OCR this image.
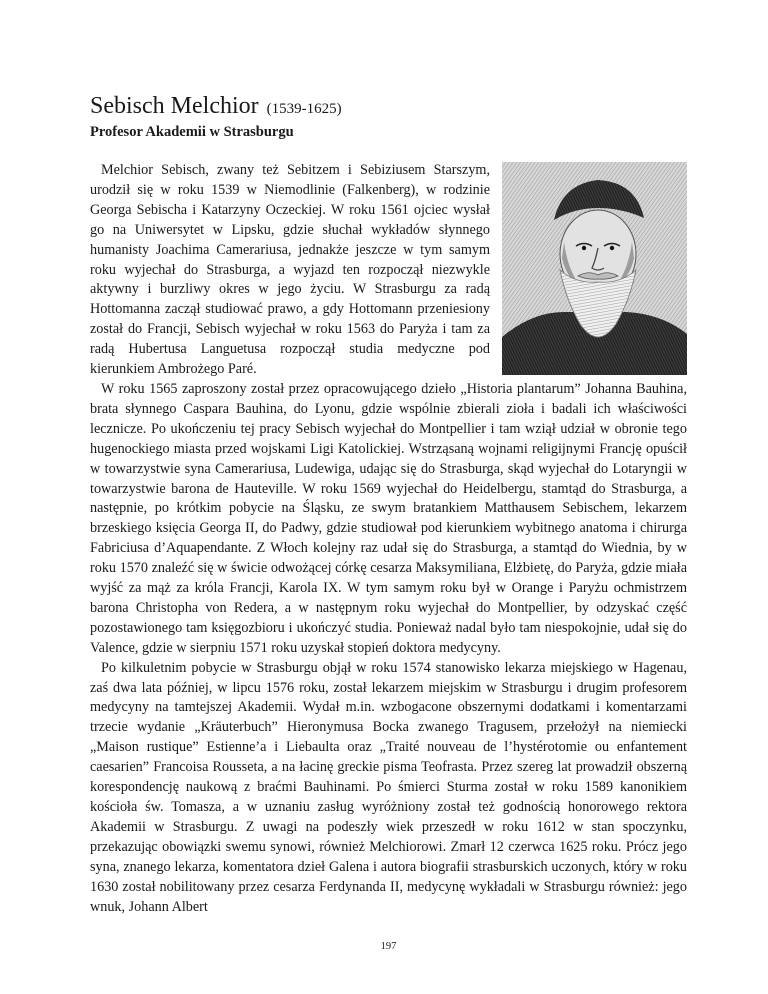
Sebisch Melchior (1539-1625)
Profesor Akademii w Strasburgu

Melchior Sebisch, zwany też Sebitzem i Sebiziusem Starszym, urodził się w roku 1539 w Niemodlinie (Falkenberg), w rodzinie Georga Sebischa i Katarzyny Oczeckiej. W roku 1561 ojciec wysłał go na Uniwersytet w Lipsku, gdzie słuchał wykładów słynnego humanisty Joachima Camerariusa, jednakże jeszcze w tym samym roku wyjechał do Strasburga, a wyjazd ten rozpoczął niezwykle aktywny i burzliwy okres w jego życiu. W Strasburgu za radą Hottomanna zaczął studiować prawo, a gdy Hottomann przeniesiony został do Francji, Sebisch wyjechał w roku 1563 do Paryża i tam za radą Hubertusa Languetusa rozpoczął studia medyczne pod kierunkiem Ambrożego Paré.

W roku 1565 zaproszony został przez opracowującego dzieło „Historia plantarum” Johanna Bauhina, brata słynnego Caspara Bauhina, do Lyonu, gdzie wspólnie zbierali zioła i badali ich właściwości lecznicze. Po ukończeniu tej pracy Sebisch wyjechał do Montpellier i tam wziął udział w obronie tego hugenockiego miasta przed wojskami Ligi Katolickiej. Wstrząsaną wojnami religijnymi Francję opuścił w towarzystwie syna Camerariusa, Ludewiga, udając się do Strasburga, skąd wyjechał do Lotaryngii w towarzystwie barona de Hauteville. W roku 1569 wyjechał do Heidelbergu, stamtąd do Strasburga, a następnie, po krótkim pobycie na Śląsku, ze swym bratankiem Matthausem Sebischem, lekarzem brzeskiego księcia Georga II, do Padwy, gdzie studiował pod kierunkiem wybitnego anatoma i chirurga Fabriciusa d’Aquapendante. Z Włoch kolejny raz udał się do Strasburga, a stamtąd do Wiednia, by w roku 1570 znaleźć się w świcie odwożącej córkę cesarza Maksymiliana, Elżbietę, do Paryża, gdzie miała wyjść za mąż za króla Francji, Karola IX. W tym samym roku był w Orange i Paryżu ochmistrzem barona Christopha von Redera, a w następnym roku wyjechał do Montpellier, by odzyskać część pozostawionego tam księgozbioru i ukończyć studia. Ponieważ nadal było tam niespokojnie, udał się do Valence, gdzie w sierpniu 1571 roku uzyskał stopień doktora medycyny.

Po kilkuletnim pobycie w Strasburgu objął w roku 1574 stanowisko lekarza miejskiego w Hagenau, zaś dwa lata później, w lipcu 1576 roku, został lekarzem miejskim w Strasburgu i drugim profesorem medycyny na tamtejszej Akademii. Wydał m.in. wzbogacone obszernymi dodatkami i komentarzami trzecie wydanie „Kräuterbuch” Hieronymusa Bocka zwanego Tragusem, przełożył na niemiecki „Maison rustique” Estienne’a i Liebaulta oraz „Traité nouveau de l’hystérotomie ou enfantement caesarien” Francoisa Rousseta, a na łacinę greckie pisma Teofrasta. Przez szereg lat prowadził obszerną korespondencję naukową z braćmi Bauhinami. Po śmierci Sturma został w roku 1589 kanonikiem kościoła św. Tomasza, a w uznaniu zasług wyróżniony został też godnością honorowego rektora Akademii w Strasburgu. Z uwagi na podeszły wiek przeszedł w roku 1612 w stan spoczynku, przekazując obowiązki swemu synowi, również Melchiorowi. Zmarł 12 czerwca 1625 roku. Prócz jego syna, znanego lekarza, komentatora dzieł Galena i autora biografii strasburskich uczonych, który w roku 1630 został nobilitowany przez cesarza Ferdynanda II, medycynę wykładali w Strasburgu również: jego wnuk, Johann Albert

197
